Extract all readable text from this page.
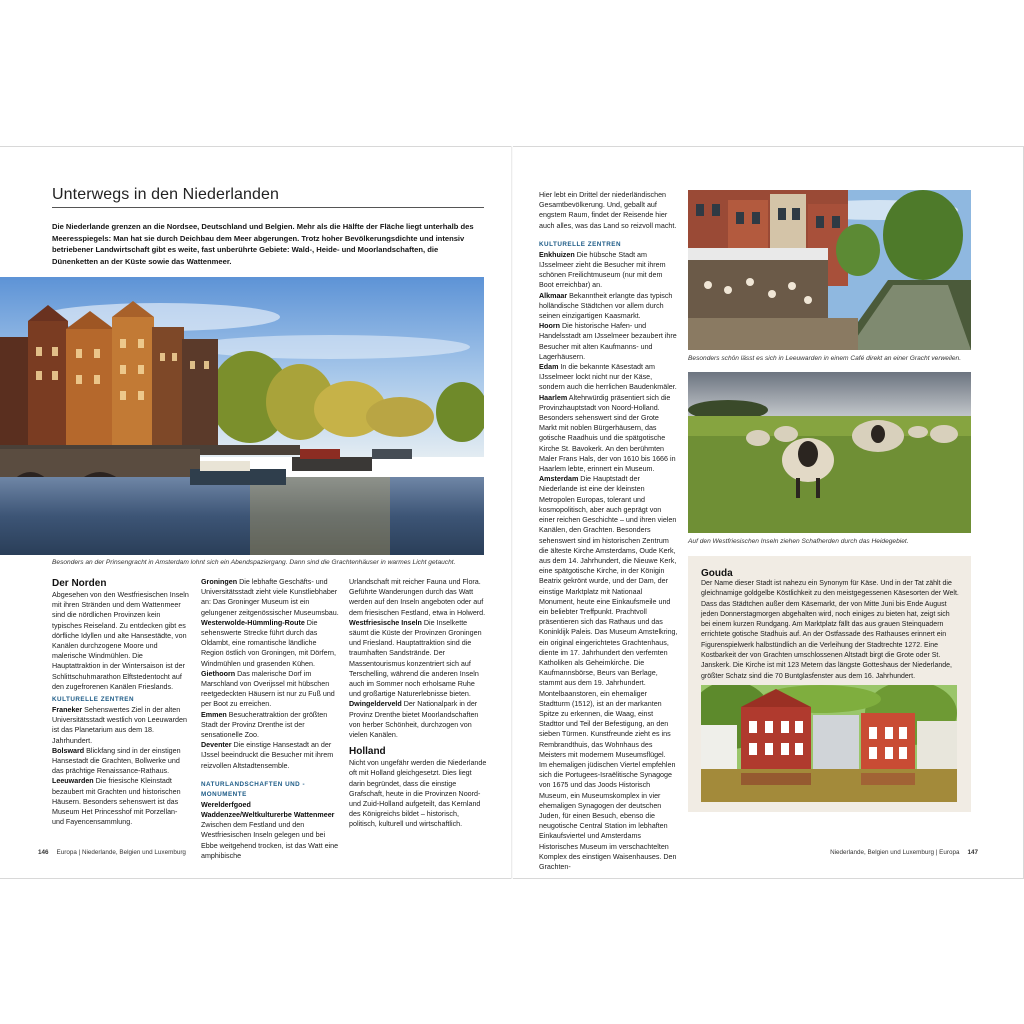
Unterwegs in den Niederlanden

Die Niederlande grenzen an die Nordsee, Deutschland und Belgien. Mehr als die Hälfte der Fläche liegt unterhalb des Meeresspiegels: Man hat sie durch Deichbau dem Meer abgerungen. Trotz hoher Bevölkerungsdichte und intensiv betriebener Landwirtschaft gibt es weite, fast unberührte Gebiete: Wald-, Heide- und Moorlandschaften, die Dünenketten an der Küste sowie das Wattenmeer.

Besonders an der Prinsengracht in Amsterdam lohnt sich ein Abendspaziergang. Dann sind die Grachtenhäuser in warmes Licht getaucht.

Der Norden

Abgesehen von den Westfriesischen Inseln mit ihren Stränden und dem Wattenmeer sind die nördlichen Provinzen kein typisches Reiseland. Zu entdecken gibt es dörfliche Idyllen und alte Hansestädte, von Kanälen durchzogene Moore und malerische Windmühlen. Die Hauptattraktion in der Wintersaison ist der Schlittschuhmarathon Elftstedentocht auf den zugefrorenen Kanälen Frieslands.

KULTURELLE ZENTREN

Franeker Sehenswertes Ziel in der alten Universitätsstadt westlich von Leeuwarden ist das Planetarium aus dem 18. Jahrhundert.

Bolsward Blickfang sind in der einstigen Hansestadt die Grachten, Bollwerke und das prächtige Renaissance-Rathaus.

Leeuwarden Die friesische Kleinstadt bezaubert mit Grachten und historischen Häusern. Besonders sehenswert ist das Museum Het Princesshof mit Porzellan- und Fayencensammlung.

Groningen Die lebhafte Geschäfts- und Universitätsstadt zieht viele Kunstliebhaber an: Das Groninger Museum ist ein gelungener zeitgenössischer Museumsbau.

Westerwolde-Hümmling-Route Die sehenswerte Strecke führt durch das Oldambt, eine romantische ländliche Region östlich von Groningen, mit Dörfern, Windmühlen und grasenden Kühen.

Giethoorn Das malerische Dorf im Marschland von Overijssel mit hübschen reetgedeckten Häusern ist nur zu Fuß und per Boot zu erreichen.

Emmen Besucherattraktion der größten Stadt der Provinz Drenthe ist der sensationelle Zoo.

Deventer Die einstige Hansestadt an der IJssel beeindruckt die Besucher mit ihrem reizvollen Altstadtensemble.

NATURLANDSCHAFTEN UND -MONUMENTE

Werelderfgoed Waddenzee/Weltkulturerbe Wattenmeer Zwischen dem Festland und den Westfriesischen Inseln gelegen und bei Ebbe weitgehend trocken, ist das Watt eine amphibische

Urlandschaft mit reicher Fauna und Flora. Geführte Wanderungen durch das Watt werden auf den Inseln angeboten oder auf dem friesischen Festland, etwa in Holwerd.

Westfriesische Inseln Die Inselkette säumt die Küste der Provinzen Groningen und Friesland. Hauptattraktion sind die traumhaften Sandstrände. Der Massentourismus konzentriert sich auf Terschelling, während die anderen Inseln auch im Sommer noch erholsame Ruhe und großartige Naturerlebnisse bieten.

Dwingelderveld Der Nationalpark in der Provinz Drenthe bietet Moorlandschaften von herber Schönheit, durchzogen von vielen Kanälen.

Holland

Nicht von ungefähr werden die Niederlande oft mit Holland gleichgesetzt. Dies liegt darin begründet, dass die einstige Grafschaft, heute in die Provinzen Noord- und Zuid-Holland aufgeteilt, das Kernland des Königreichs bildet – historisch, politisch, kulturell und wirtschaftlich.

Hier lebt ein Drittel der niederländischen Gesamtbevölkerung. Und, geballt auf engstem Raum, findet der Reisende hier auch alles, was das Land so reizvoll macht.

KULTURELLE ZENTREN

Enkhuizen Die hübsche Stadt am IJsselmeer zieht die Besucher mit ihrem schönen Freilichtmuseum (nur mit dem Boot erreichbar) an.

Alkmaar Bekanntheit erlangte das typisch holländische Städtchen vor allem durch seinen einzigartigen Kaasmarkt.

Hoorn Die historische Hafen- und Handelsstadt am IJsselmeer bezaubert ihre Besucher mit alten Kaufmanns- und Lagerhäusern.

Edam In die bekannte Käsestadt am IJsselmeer lockt nicht nur der Käse, sondern auch die herrlichen Baudenkmäler.

Haarlem Altehrwürdig präsentiert sich die Provinzhauptstadt von Noord-Holland. Besonders sehenswert sind der Grote Markt mit noblen Bürgerhäusern, das gotische Raadhuis und die spätgotische Kirche St. Bavokerk. An den berühmten Maler Frans Hals, der von 1610 bis 1666 in Haarlem lebte, erinnert ein Museum.

Amsterdam Die Hauptstadt der Niederlande ist eine der kleinsten Metropolen Europas, tolerant und kosmopolitisch, aber auch geprägt von einer reichen Geschichte – und ihren vielen Kanälen, den Grachten. Besonders sehenswert sind im historischen Zentrum die älteste Kirche Amsterdams, Oude Kerk, aus dem 14. Jahrhundert, die Nieuwe Kerk, eine spätgotische Kirche, in der Königin Beatrix gekrönt wurde, und der Dam, der einstige Marktplatz mit Nationaal Monument, heute eine Einkaufsmeile und ein beliebter Treffpunkt. Prachtvoll präsentieren sich das Rathaus und das Koninklijk Paleis. Das Museum Amstelkring, ein original eingerichtetes Grachtenhaus, diente im 17. Jahrhundert den verfemten Katholiken als Geheimkirche. Die Kaufmannsbörse, Beurs van Berlage, stammt aus dem 19. Jahrhundert. Montelbaanstoren, ein ehemaliger Stadtturm (1512), ist an der markanten Spitze zu erkennen, die Waag, einst Stadttor und Teil der Befestigung, an den sieben Türmen. Kunstfreunde zieht es ins Rembrandthuis, das Wohnhaus des Meisters mit modernem Museumsflügel.

Im ehemaligen jüdischen Viertel empfehlen sich die Portugees-Israëlitische Synagoge von 1675 und das Joods Historisch Museum, ein Museumskomplex in vier ehemaligen Synagogen der deutschen Juden, für einen Besuch, ebenso die neugotische Central Station im lebhaften Einkaufsviertel und Amsterdams Historisches Museum im verschachtelten Komplex des einstigen Waisenhauses. Den Grachten-

Besonders schön lässt es sich in Leeuwarden in einem Café direkt an einer Gracht verweilen.

Auf den Westfriesischen Inseln ziehen Schafherden durch das Heidegebiet.

Gouda

Der Name dieser Stadt ist nahezu ein Synonym für Käse. Und in der Tat zählt die gleichnamige goldgelbe Köstlichkeit zu den meistgegessenen Käsesorten der Welt. Dass das Städtchen außer dem Käsemarkt, der von Mitte Juni bis Ende August jeden Donnerstagmorgen abgehalten wird, noch einiges zu bieten hat, zeigt sich bei einem kurzen Rundgang. Am Marktplatz fällt das aus grauen Steinquadern errichtete gotische Stadhuis auf. An der Ostfassade des Rathauses erinnert ein Figurenspielwerk halbstündlich an die Verleihung der Stadtrechte 1272. Eine Kostbarkeit der von Grachten umschlossenen Altstadt birgt die Grote oder St. Janskerk. Die Kirche ist mit 123 Metern das längste Gotteshaus der Niederlande, größter Schatz sind die 70 Buntglasfenster aus dem 16. Jahrhundert.

146 Europa | Niederlande, Belgien und Luxemburg	Niederlande, Belgien und Luxemburg | Europa 147
